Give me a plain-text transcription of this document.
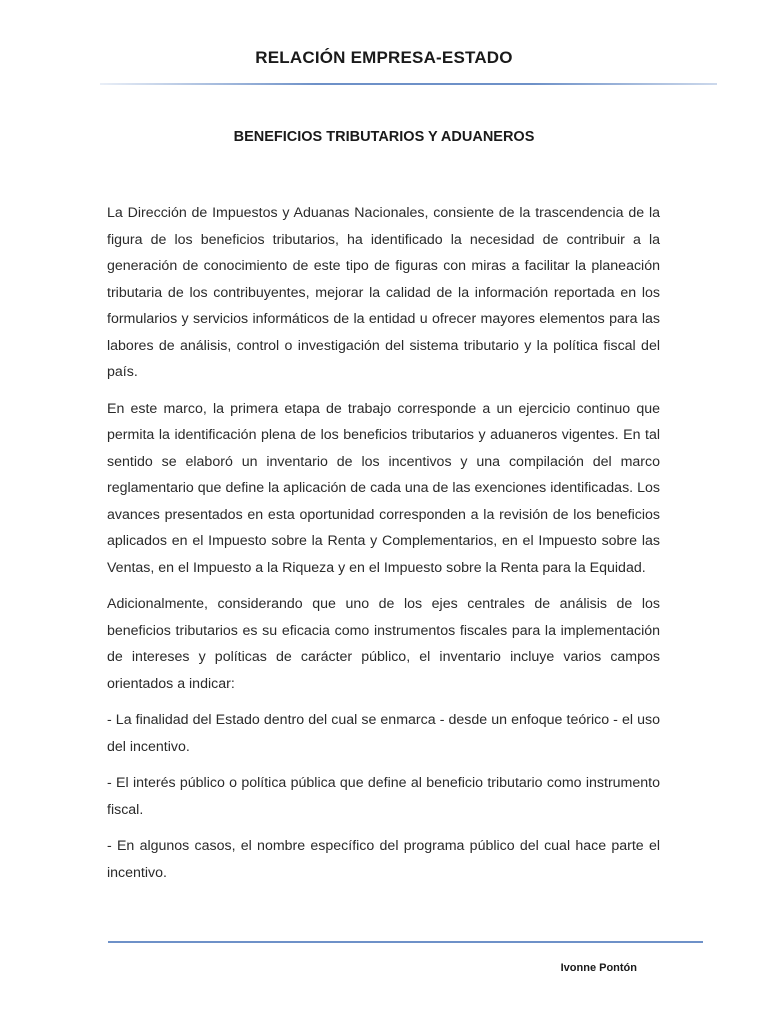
RELACIÓN EMPRESA-ESTADO
BENEFICIOS TRIBUTARIOS Y ADUANEROS

La Dirección de Impuestos y Aduanas Nacionales, consiente de la trascendencia de la figura de los beneficios tributarios, ha identificado la necesidad de contribuir a la generación de conocimiento de este tipo de figuras con miras a facilitar la planeación tributaria de los contribuyentes, mejorar la calidad de la información reportada en los formularios y servicios informáticos de la entidad u ofrecer mayores elementos para las labores de análisis, control o investigación del sistema tributario y la política fiscal del país.

En este marco, la primera etapa de trabajo corresponde a un ejercicio continuo que permita la identificación plena de los beneficios tributarios y aduaneros vigentes. En tal sentido se elaboró un inventario de los incentivos y una compilación del marco reglamentario que define la aplicación de cada una de las exenciones identificadas. Los avances presentados en esta oportunidad corresponden a la revisión de los beneficios aplicados en el Impuesto sobre la Renta y Complementarios, en el Impuesto sobre las Ventas, en el Impuesto a la Riqueza y en el Impuesto sobre la Renta para la Equidad.

Adicionalmente, considerando que uno de los ejes centrales de análisis de los beneficios tributarios es su eficacia como instrumentos fiscales para la implementación de intereses y políticas de carácter público, el inventario incluye varios campos orientados a indicar:

- La finalidad del Estado dentro del cual se enmarca - desde un enfoque teórico - el uso del incentivo.

- El interés público o política pública que define al beneficio tributario como instrumento fiscal.

- En algunos casos, el nombre específico del programa público del cual hace parte el incentivo.

Ivonne Pontón
